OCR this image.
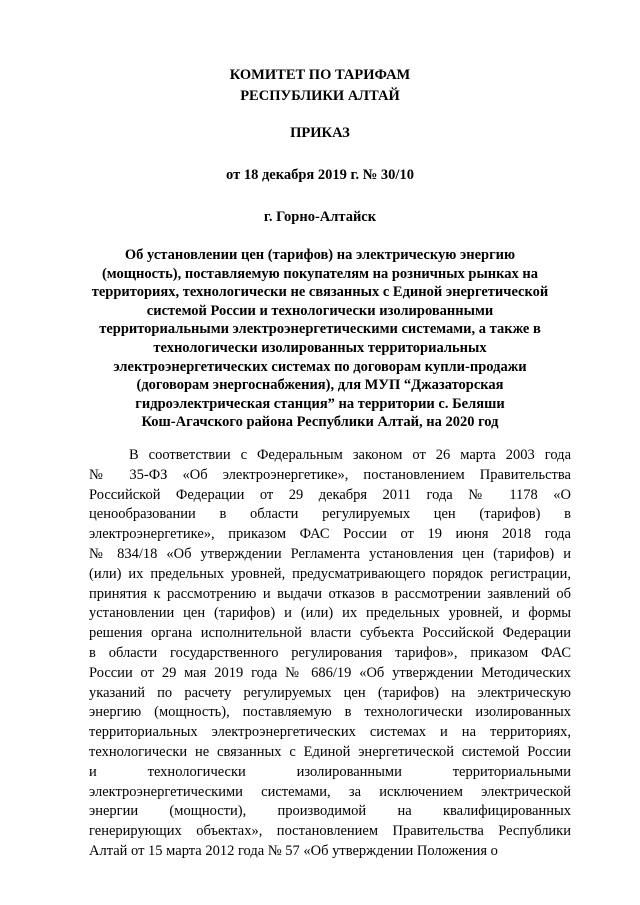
КОМИТЕТ ПО ТАРИФАМ
РЕСПУБЛИКИ АЛТАЙ
ПРИКАЗ
от 18 декабря 2019 г. № 30/10
г. Горно-Алтайск
Об установлении цен (тарифов) на электрическую энергию
(мощность), поставляемую покупателям на розничных рынках на
территориях, технологически не связанных с Единой энергетической
системой России и технологически изолированными
территориальными электроэнергетическими системами, а также в
технологически изолированных территориальных
электроэнергетических системах по договорам купли-продажи
(договорам энергоснабжения), для МУП “Джазаторская
гидроэлектрическая станция” на территории с. Беляши
Кош-Агачского района Республики Алтай, на 2020 год
В соответствии с Федеральным законом от 26 марта 2003 года
№ 35-ФЗ «Об электроэнергетике», постановлением Правительства
Российской Федерации от 29 декабря 2011 года № 1178 «О
ценообразовании в области регулируемых цен (тарифов) в
электроэнергетике», приказом ФАС России от 19 июня 2018 года
№ 834/18 «Об утверждении Регламента установления цен (тарифов) и
(или) их предельных уровней, предусматривающего порядок регистрации,
принятия к рассмотрению и выдачи отказов в рассмотрении заявлений об
установлении цен (тарифов) и (или) их предельных уровней, и формы
решения органа исполнительной власти субъекта Российской Федерации
в области государственного регулирования тарифов», приказом ФАС
России от 29 мая 2019 года № 686/19 «Об утверждении Методических
указаний по расчету регулируемых цен (тарифов) на электрическую
энергию (мощность), поставляемую в технологически изолированных
территориальных электроэнергетических системах и на территориях,
технологически не связанных с Единой энергетической системой России
и технологически изолированными территориальными
электроэнергетическими системами, за исключением электрической
энергии (мощности), производимой на квалифицированных
генерирующих объектах», постановлением Правительства Республики
Алтай от 15 марта 2012 года № 57 «Об утверждении Положения о
